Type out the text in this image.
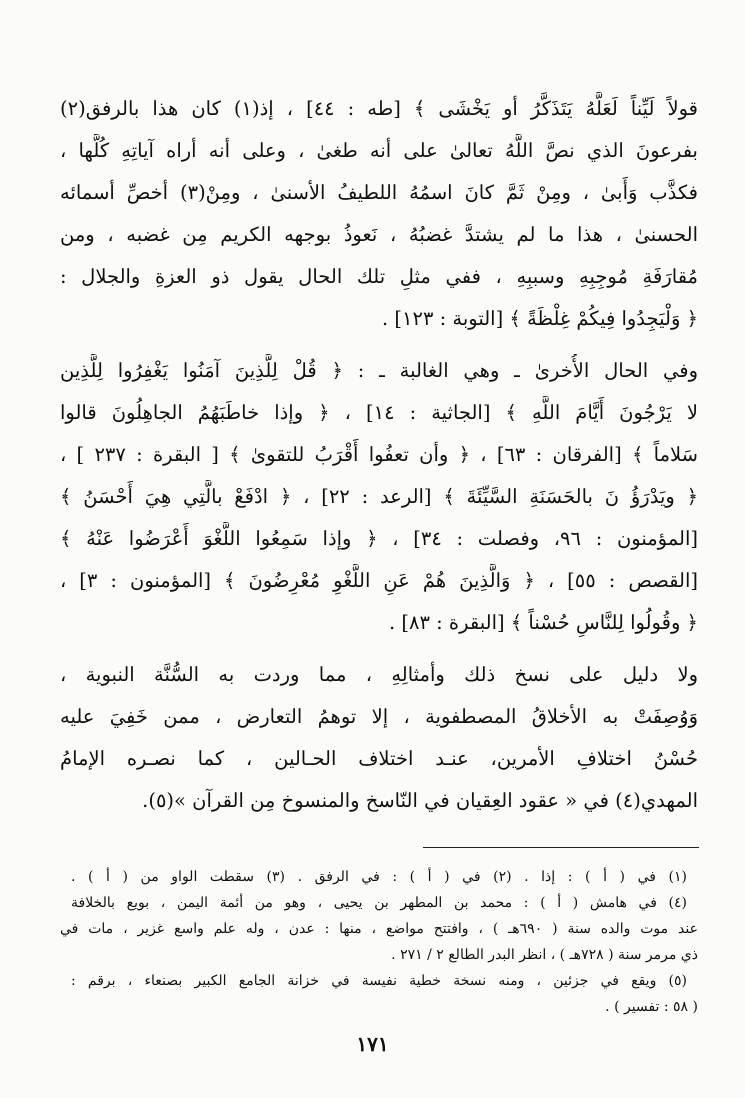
قولاً لَيِّناً لَعَلَّهُ يَتَذَكَّرُ أو يَخْشَى ﴾ [طه : ٤٤] ، إذ(١) كان هذا بالرفق(٢)
بفرعونَ الذي نصَّ اللَّهُ تعالىٰ على أنه طغىٰ ، وعلى أنه أراه آياتِهِ كُلَّها ،
فكذَّب وَأَبىٰ ، ومِنْ ثَمَّ كانَ اسمُهُ اللطيفُ الأسنىٰ ، ومِنْ(٣) أخصِّ أسمائه
الحسنىٰ ، هذا ما لم يشتدَّ غضبُهُ ، نَعوذُ بوجهه الكريم مِن غضبه ، ومن
مُقارَفَةِ مُوجِبِهِ وسببِهِ ، ففي مثلِ تلك الحال يقول ذو العزةِ والجلال :
﴿ وَلْيَجِدُوا فِيكُمْ غِلْظَةً ﴾ [التوبة : ١٢٣] .
وفي الحال الأُخرىٰ ـ وهي الغالبة ـ : ﴿ قُلْ لِلَّذِينَ آمَنُوا يَغْفِرُوا لِلَّذِين
لا يَرْجُونَ أَيَّامَ اللَّهِ ﴾ [الجاثية : ١٤] ، ﴿ وإذا خاطَبَهُمُ الجاهِلُونَ قالوا
سَلاماً ﴾ [الفرقان : ٦٣] ، ﴿ وأن تعفُوا أَقْرَبُ للتقوىٰ ﴾ [ البقرة : ٢٣٧ ] ،
﴿ ويَدْرَؤُ نَ بالحَسَنَةِ السَّيِّئَةَ ﴾ [الرعد : ٢٢] ، ﴿ ادْفَعْ بالَّتِي هِيَ أَحْسَنُ ﴾
[المؤمنون : ٩٦، وفصلت : ٣٤] ، ﴿ وإذا سَمِعُوا اللَّغْوَ أَعْرَضُوا عَنْهُ ﴾
[القصص : ٥٥] ، ﴿ وَالَّذِينَ هُمْ عَنِ اللَّغْوِ مُعْرِضُونَ ﴾ [المؤمنون : ٣] ،
﴿ وقُولُوا لِلنَّاسِ حُسْناً ﴾ [البقرة : ٨٣] .
ولا دليل على نسخ ذلك وأمثالِهِ ، مما وردت به السُّنَّة النبوية ،
وَوُصِفَتْ به الأخلاقُ المصطفوية ، إلا توهمُ التعارض ، ممن خَفِيَ عليه
حُسْنُ اختلافِ الأمرين، عنـد اختلاف الحـالين ، كما نصـره الإمامُ
المهدي(٤) في « عقود العِقيان في النّاسخ والمنسوخ مِن القرآن »(٥).
(١) في ( أ ) : إذا . (٢) في ( أ ) : في الرفق . (٣) سقطت الواو من ( أ ) .
(٤) في هامش ( أ ) : محمد بن المطهر بن يحيى ، وهو من أئمة اليمن ، بويع بالخلافة
عند موت والده سنة ( ٦٩٠هـ ) ، وافتتح مواضع ، منها : عدن ، وله علم واسع غزير ، مات في
ذي مرمر سنة ( ٧٢٨هـ ) ، انظر البدر الطالع ٢ / ٢٧١ .
(٥) ويقع في جزئين ، ومنه نسخة خطية نفيسة في خزانة الجامع الكبير بصنعاء ، برقم :
( ٥٨ : تفسير ) .
١٧١
